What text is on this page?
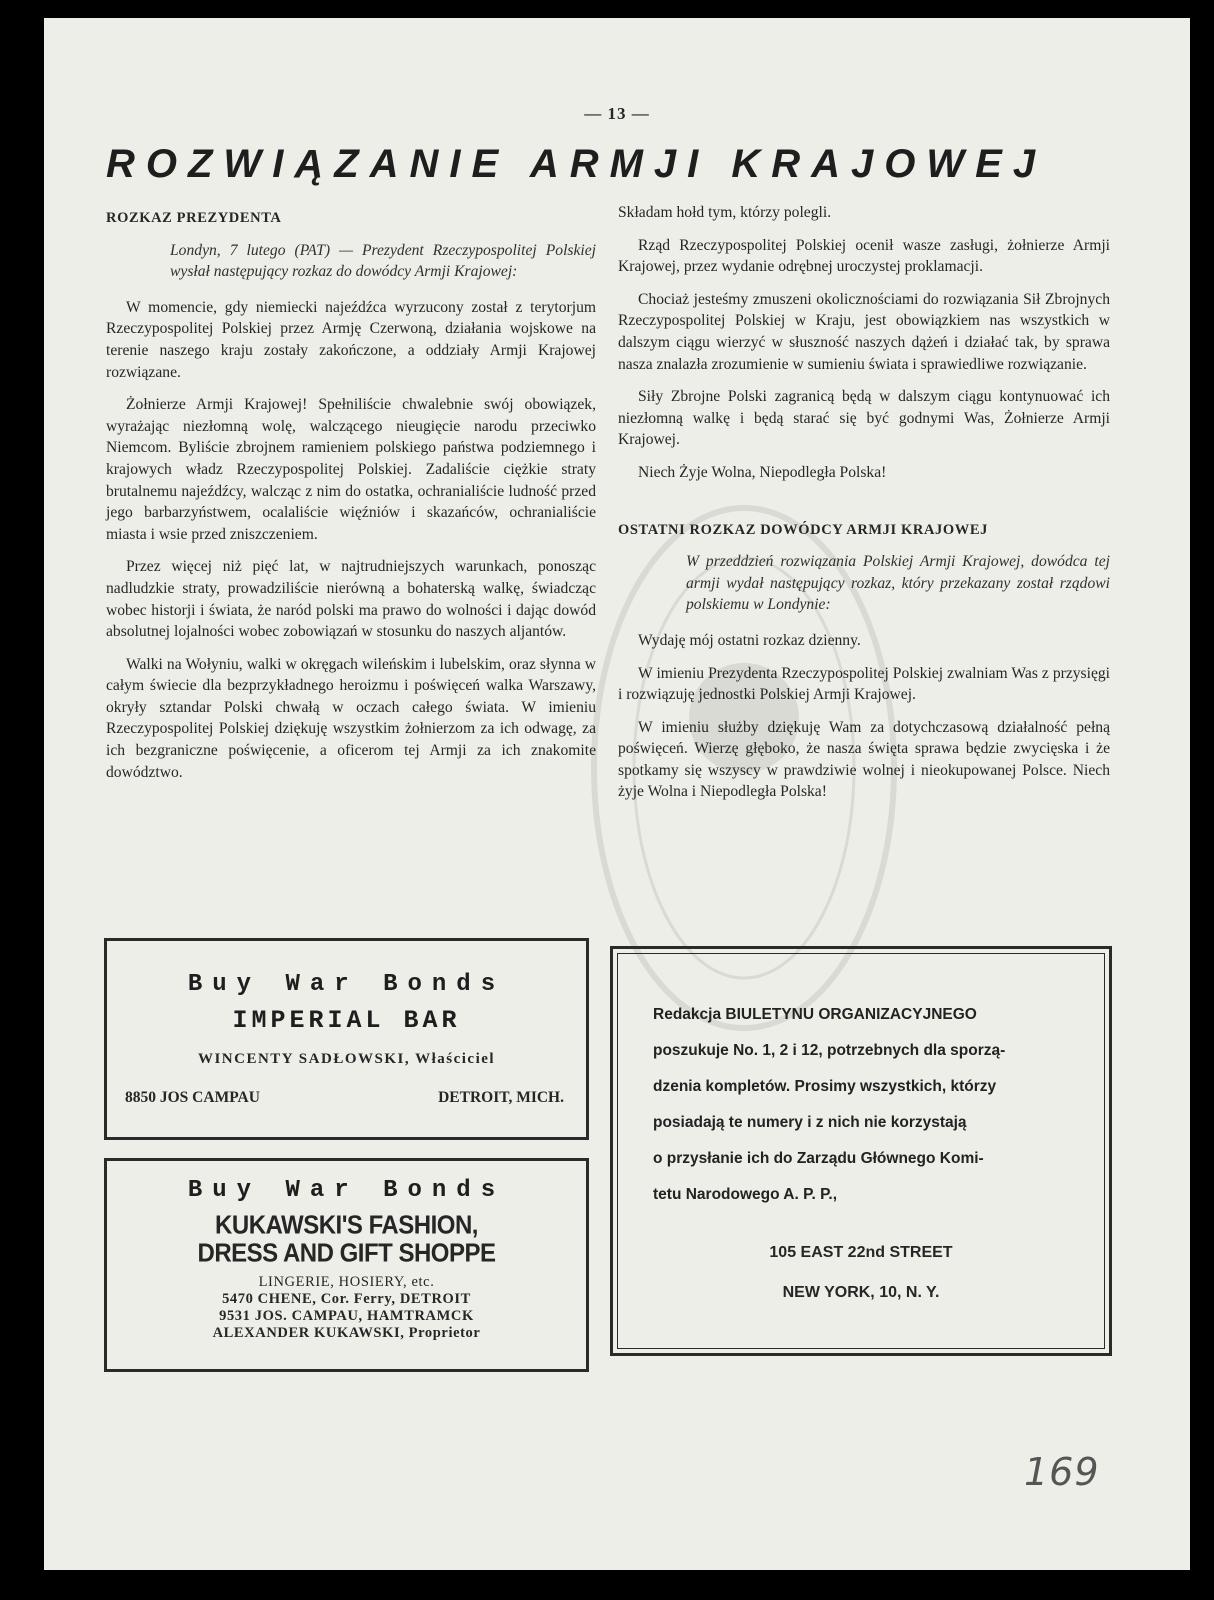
— 13 —
ROZWIĄZANIE ARMJI KRAJOWEJ
ROZKAZ PREZYDENTA

Londyn, 7 lutego (PAT) — Prezydent Rzeczypospolitej Polskiej wysłał następujący rozkaz do dowódcy Armji Krajowej:

W momencie, gdy niemiecki najeźdźca wyrzucony został z terytorjum Rzeczypospolitej Polskiej przez Armję Czerwoną, działania wojskowe na terenie naszego kraju zostały zakończone, a oddziały Armji Krajowej rozwiązane.

Żołnierze Armji Krajowej! Spełniliście chwalebnie swój obowiązek, wyrażając niezłomną wolę, walczącego nieugięcie narodu przeciwko Niemcom. Byliście zbrojnem ramieniem polskiego państwa podziemnego i krajowych władz Rzeczypospolitej Polskiej. Zadaliście ciężkie straty brutalnemu najeźdźcy, walcząc z nim do ostatka, ochranialiście ludność przed jego barbarzyństwem, ocalaliście więźniów i skazańców, ochranialiście miasta i wsie przed zniszczeniem.

Przez więcej niż pięć lat, w najtrudniejszych warunkach, ponosząc nadludzkie straty, prowadziliście nierówną a bohaterską walkę, świadcząc wobec historji i świata, że naród polski ma prawo do wolności i dając dowód absolutnej lojalności wobec zobowiązań w stosunku do naszych aljantów.

Walki na Wołyniu, walki w okręgach wileńskim i lubelskim, oraz słynna w całym świecie dla bezprzykładnego heroizmu i poświęceń walka Warszawy, okryły sztandar Polski chwałą w oczach całego świata. W imieniu Rzeczypospolitej Polskiej dziękuję wszystkim żołnierzom za ich odwagę, za ich bezgraniczne poświęcenie, a oficerom tej Armji za ich znakomite dowództwo.

Składam hołd tym, którzy polegli.

Rząd Rzeczypospolitej Polskiej ocenił wasze zasługi, żołnierze Armji Krajowej, przez wydanie odrębnej uroczystej proklamacji.

Chociaż jesteśmy zmuszeni okolicznościami do rozwiązania Sił Zbrojnych Rzeczypospolitej Polskiej w Kraju, jest obowiązkiem nas wszystkich w dalszym ciągu wierzyć w słuszność naszych dążeń i działać tak, by sprawa nasza znalazła zrozumienie w sumieniu świata i sprawiedliwe rozwiązanie.

Siły Zbrojne Polski zagranicą będą w dalszym ciągu kontynuować ich niezłomną walkę i będą starać się być godnymi Was, Żołnierze Armji Krajowej.

Niech Żyje Wolna, Niepodległa Polska!

OSTATNI ROZKAZ DOWÓDCY ARMJI KRAJOWEJ

W przeddzień rozwiązania Polskiej Armji Krajowej, dowódca tej armji wydał następujący rozkaz, który przekazany został rządowi polskiemu w Londynie:

Wydaję mój ostatni rozkaz dzienny.

W imieniu Prezydenta Rzeczypospolitej Polskiej zwalniam Was z przysięgi i rozwiązuję jednostki Polskiej Armji Krajowej.

W imieniu służby dziękuję Wam za dotychczasową działalność pełną poświęceń. Wierzę głęboko, że nasza święta sprawa będzie zwycięska i że spotkamy się wszyscy w prawdziwie wolnej i nieokupowanej Polsce. Niech żyje Wolna i Niepodległa Polska!

Buy War Bonds
IMPERIAL BAR
WINCENTY SADŁOWSKI, Właściciel
8850 JOS CAMPAU	DETROIT, MICH.
Buy War Bonds
KUKAWSKI'S FASHION,
DRESS AND GIFT SHOPPE
LINGERIE, HOSIERY, etc.
5470 CHENE, Cor. Ferry, DETROIT
9531 JOS. CAMPAU, HAMTRAMCK
ALEXANDER KUKAWSKI, Proprietor
Redakcja BIULETYNU ORGANIZACYJNEGO
poszukuje No. 1, 2 i 12, potrzebnych dla sporzą-
dzenia kompletów. Prosimy wszystkich, którzy
posiadają te numery i z nich nie korzystają
o przysłanie ich do Zarządu Głównego Komi-
tetu Narodowego A. P. P.,
105 EAST 22nd STREET
NEW YORK, 10, N. Y.
169
